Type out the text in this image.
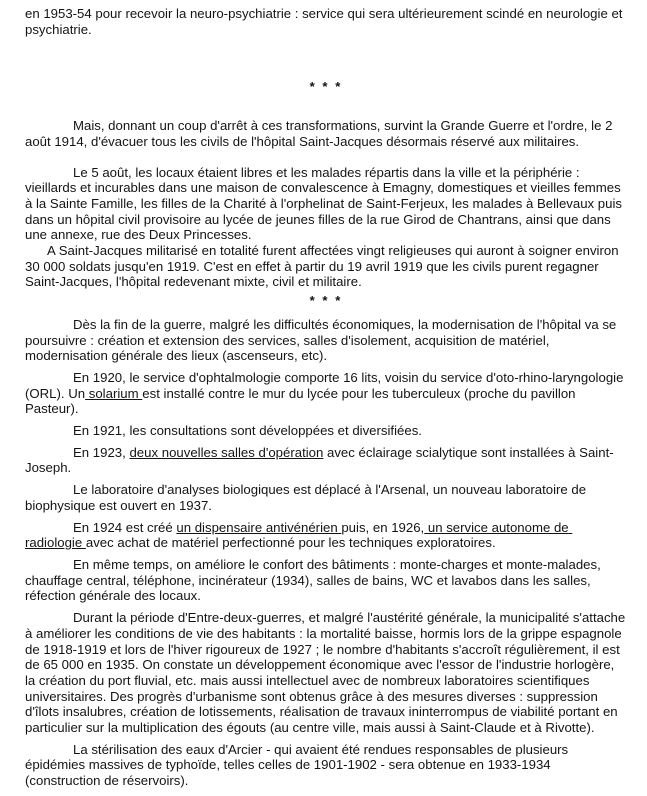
en 1953-54 pour recevoir la neuro-psychiatrie : service qui sera ultérieurement scindé en neurologie et psychiatrie.

* * *

Mais, donnant un coup d'arrêt à ces transformations, survint la Grande Guerre et l'ordre, le 2 août 1914, d'évacuer tous les civils de l'hôpital Saint-Jacques désormais réservé aux militaires.

Le 5 août, les locaux étaient libres et les malades répartis dans la ville et la périphérie : vieillards et incurables dans une maison de convalescence à Emagny, domestiques et vieilles femmes à la Sainte Famille, les filles de la Charité à l'orphelinat de Saint-Ferjeux, les malades à Bellevaux puis dans un hôpital civil provisoire au lycée de jeunes filles de la rue Girod de Chantrans, ainsi que dans une annexe, rue des Deux Princesses.

A Saint-Jacques militarisé en totalité furent affectées vingt religieuses qui auront à soigner environ 30 000 soldats jusqu'en 1919. C'est en effet à partir du 19 avril 1919 que les civils purent regagner Saint-Jacques, l'hôpital redevenant mixte, civil et militaire.

* * *

Dès la fin de la guerre, malgré les difficultés économiques, la modernisation de l'hôpital va se poursuivre : création et extension des services, salles d'isolement, acquisition de matériel, modernisation générale des lieux (ascenseurs, etc).

En 1920, le service d'ophtalmologie comporte 16 lits, voisin du service d'oto-rhino-laryngologie (ORL). Un solarium est installé contre le mur du lycée pour les tuberculeux (proche du pavillon Pasteur).

En 1921, les consultations sont développées et diversifiées.

En 1923, deux nouvelles salles d'opération avec éclairage scialytique sont installées à Saint-Joseph.

Le laboratoire d'analyses biologiques est déplacé à l'Arsenal, un nouveau laboratoire de biophysique est ouvert en 1937.

En 1924 est créé un dispensaire antivénérien puis, en 1926, un service autonome de radiologie avec achat de matériel perfectionné pour les techniques exploratoires.

En même temps, on améliore le confort des bâtiments : monte-charges et monte-malades, chauffage central, téléphone, incinérateur (1934), salles de bains, WC et lavabos dans les salles, réfection générale des locaux.

Durant la période d'Entre-deux-guerres, et malgré l'austérité générale, la municipalité s'attache à améliorer les conditions de vie des habitants : la mortalité baisse, hormis lors de la grippe espagnole de 1918-1919 et lors de l'hiver rigoureux de 1927 ; le nombre d'habitants s'accroît régulièrement, il est de 65 000 en 1935. On constate un développement économique avec l'essor de l'industrie horlogère, la création du port fluvial, etc. mais aussi intellectuel avec de nombreux laboratoires scientifiques universitaires. Des progrès d'urbanisme sont obtenus grâce à des mesures diverses : suppression d'îlots insalubres, création de lotissements, réalisation de travaux ininterrompus de viabilité portant en particulier sur la multiplication des égouts (au centre ville, mais aussi à Saint-Claude et à Rivotte).

La stérilisation des eaux d'Arcier - qui avaient été rendues responsables de plusieurs épidémies massives de typhoïde, telles celles de 1901-1902 - sera obtenue en 1933-1934 (construction de réservoirs).
